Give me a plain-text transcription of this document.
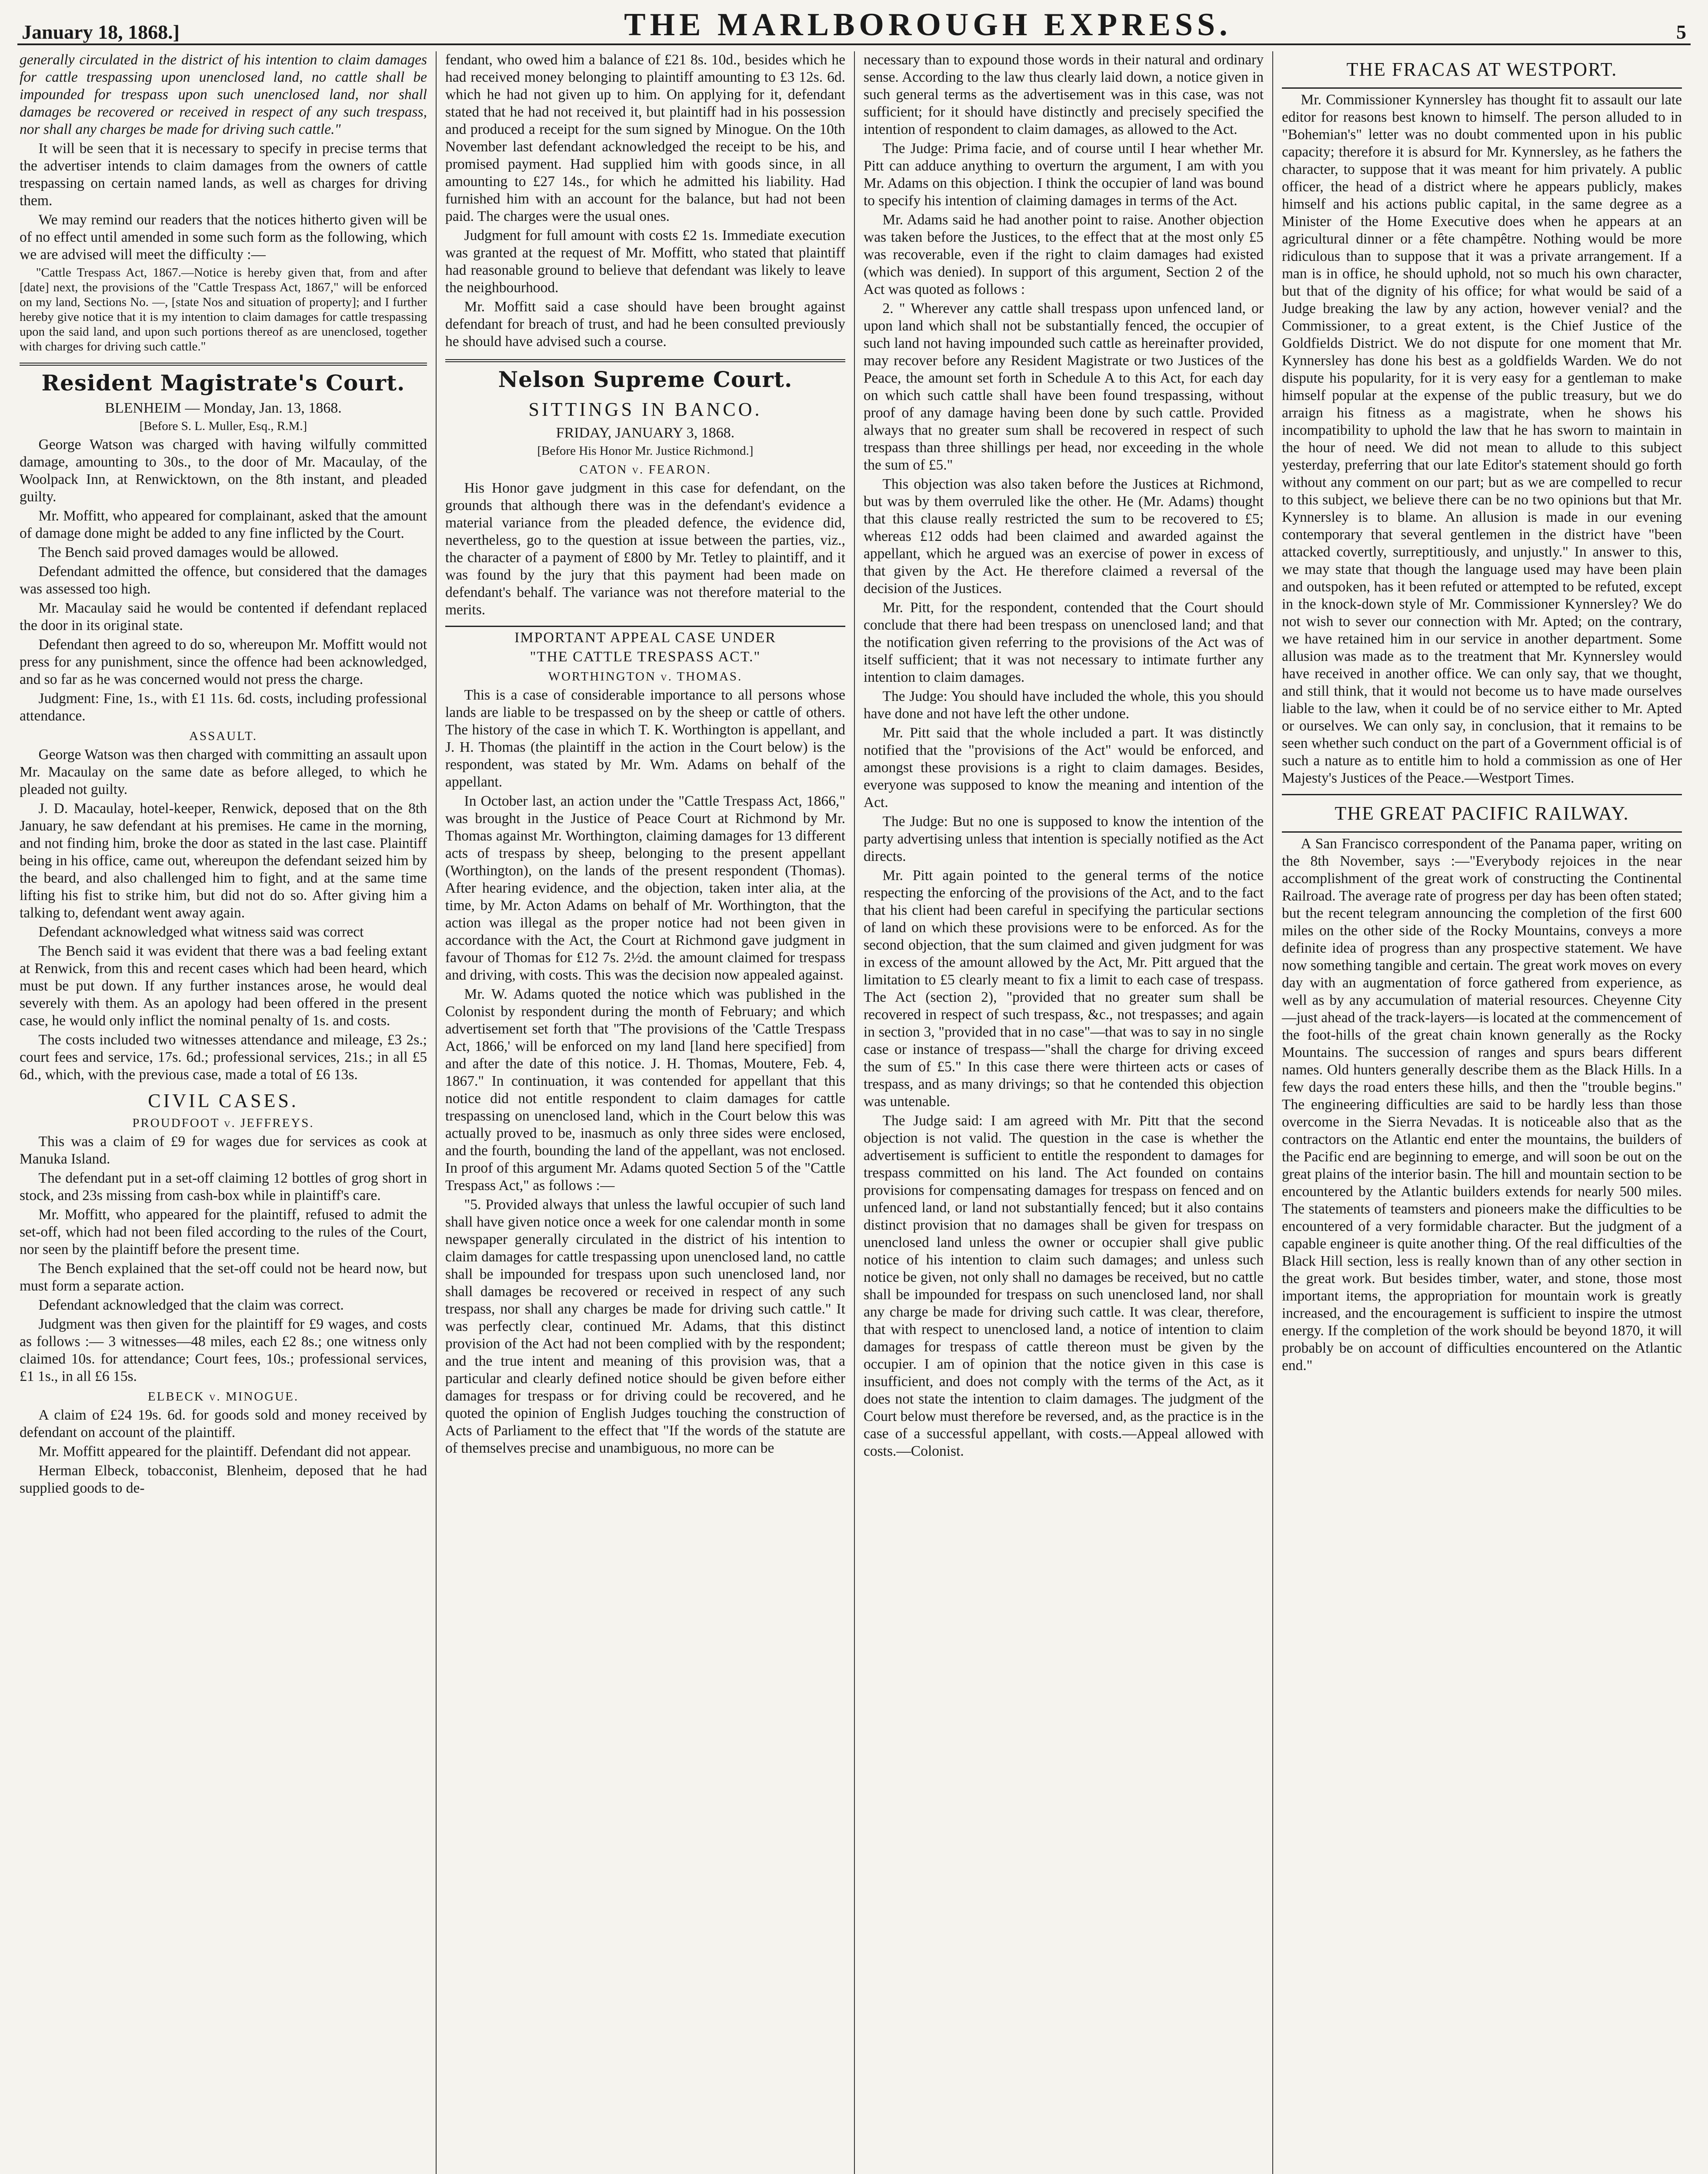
January 18, 1868.]	THE MARLBOROUGH EXPRESS.	5

generally circulated in the district of his intention to claim damages for cattle trespassing upon unenclosed land, no cattle shall be impounded for trespass upon such unenclosed land, nor shall damages be recovered or received in respect of any such trespass, nor shall any charges be made for driving such cattle."

It will be seen that it is necessary to specify in precise terms that the advertiser intends to claim damages from the owners of cattle trespassing on certain named lands, as well as charges for driving them.

We may remind our readers that the notices hitherto given will be of no effect until amended in some such form as the following, which we are advised will meet the difficulty :—

"Cattle Trespass Act, 1867.—Notice is hereby given that, from and after [date] next, the provisions of the "Cattle Trespass Act, 1867," will be enforced on my land, Sections No. —, [state Nos and situation of property]; and I further hereby give notice that it is my intention to claim damages for cattle trespassing upon the said land, and upon such portions thereof as are unenclosed, together with charges for driving such cattle."

Resident Magistrate's Court.
BLENHEIM — Monday, Jan. 13, 1868.
[Before S. L. Muller, Esq., R.M.]

George Watson was charged with having wilfully committed damage, amounting to 30s., to the door of Mr. Macaulay, of the Woolpack Inn, at Renwicktown, on the 8th instant, and pleaded guilty.

Mr. Moffitt, who appeared for complainant, asked that the amount of damage done might be added to any fine inflicted by the Court.

The Bench said proved damages would be allowed.

Defendant admitted the offence, but considered that the damages was assessed too high.

Mr. Macaulay said he would be contented if defendant replaced the door in its original state.

Defendant then agreed to do so, whereupon Mr. Moffitt would not press for any punishment, since the offence had been acknowledged, and so far as he was concerned would not press the charge.

Judgment: Fine, 1s., with £1 11s. 6d. costs, including professional attendance.

ASSAULT.

George Watson was then charged with committing an assault upon Mr. Macaulay on the same date as before alleged, to which he pleaded not guilty.

J. D. Macaulay, hotel-keeper, Renwick, deposed that on the 8th January, he saw defendant at his premises. He came in the morning, and not finding him, broke the door as stated in the last case. Plaintiff being in his office, came out, whereupon the defendant seized him by the beard, and also challenged him to fight, and at the same time lifting his fist to strike him, but did not do so. After giving him a talking to, defendant went away again.

Defendant acknowledged what witness said was correct

The Bench said it was evident that there was a bad feeling extant at Renwick, from this and recent cases which had been heard, which must be put down. If any further instances arose, he would deal severely with them. As an apology had been offered in the present case, he would only inflict the nominal penalty of 1s. and costs.

The costs included two witnesses attendance and mileage, £3 2s.; court fees and service, 17s. 6d.; professional services, 21s.; in all £5 6d., which, with the previous case, made a total of £6 13s.

CIVIL CASES.
PROUDFOOT v. JEFFREYS.

This was a claim of £9 for wages due for services as cook at Manuka Island.

The defendant put in a set-off claiming 12 bottles of grog short in stock, and 23s missing from cash-box while in plaintiff's care.

Mr. Moffitt, who appeared for the plaintiff, refused to admit the set-off, which had not been filed according to the rules of the Court, nor seen by the plaintiff before the present time.

The Bench explained that the set-off could not be heard now, but must form a separate action.

Defendant acknowledged that the claim was correct.

Judgment was then given for the plaintiff for £9 wages, and costs as follows :— 3 witnesses—48 miles, each £2 8s.; one witness only claimed 10s. for attendance; Court fees, 10s.; professional services, £1 1s., in all £6 15s.

ELBECK v. MINOGUE.

A claim of £24 19s. 6d. for goods sold and money received by defendant on account of the plaintiff.

Mr. Moffitt appeared for the plaintiff. Defendant did not appear.

Herman Elbeck, tobacconist, Blenheim, deposed that he had supplied goods to de-

fendant, who owed him a balance of £21 8s. 10d., besides which he had received money belonging to plaintiff amounting to £3 12s. 6d. which he had not given up to him. On applying for it, defendant stated that he had not received it, but plaintiff had in his possession and produced a receipt for the sum signed by Minogue. On the 10th November last defendant acknowledged the receipt to be his, and promised payment. Had supplied him with goods since, in all amounting to £27 14s., for which he admitted his liability. Had furnished him with an account for the balance, but had not been paid. The charges were the usual ones.

Judgment for full amount with costs £2 1s. Immediate execution was granted at the request of Mr. Moffitt, who stated that plaintiff had reasonable ground to believe that defendant was likely to leave the neighbourhood.

Mr. Moffitt said a case should have been brought against defendant for breach of trust, and had he been consulted previously he should have advised such a course.

Nelson Supreme Court.
SITTINGS IN BANCO.
FRIDAY, JANUARY 3, 1868.
[Before His Honor Mr. Justice Richmond.]
CATON v. FEARON.

His Honor gave judgment in this case for defendant, on the grounds that although there was in the defendant's evidence a material variance from the pleaded defence, the evidence did, nevertheless, go to the question at issue between the parties, viz., the character of a payment of £800 by Mr. Tetley to plaintiff, and it was found by the jury that this payment had been made on defendant's behalf. The variance was not therefore material to the merits.

IMPORTANT APPEAL CASE UNDER
"THE CATTLE TRESPASS ACT."
WORTHINGTON v. THOMAS.

This is a case of considerable importance to all persons whose lands are liable to be trespassed on by the sheep or cattle of others. The history of the case in which T. K. Worthington is appellant, and J. H. Thomas (the plaintiff in the action in the Court below) is the respondent, was stated by Mr. Wm. Adams on behalf of the appellant.

In October last, an action under the "Cattle Trespass Act, 1866," was brought in the Justice of Peace Court at Richmond by Mr. Thomas against Mr. Worthington, claiming damages for 13 different acts of trespass by sheep, belonging to the present appellant (Worthington), on the lands of the present respondent (Thomas). After hearing evidence, and the objection, taken inter alia, at the time, by Mr. Acton Adams on behalf of Mr. Worthington, that the action was illegal as the proper notice had not been given in accordance with the Act, the Court at Richmond gave judgment in favour of Thomas for £12 7s. 2½d. the amount claimed for trespass and driving, with costs. This was the decision now appealed against.

Mr. W. Adams quoted the notice which was published in the Colonist by respondent during the month of February; and which advertisement set forth that "The provisions of the 'Cattle Trespass Act, 1866,' will be enforced on my land [land here specified] from and after the date of this notice. J. H. Thomas, Moutere, Feb. 4, 1867." In continuation, it was contended for appellant that this notice did not entitle respondent to claim damages for cattle trespassing on unenclosed land, which in the Court below this was actually proved to be, inasmuch as only three sides were enclosed, and the fourth, bounding the land of the appellant, was not enclosed. In proof of this argument Mr. Adams quoted Section 5 of the "Cattle Trespass Act," as follows :—

"5. Provided always that unless the lawful occupier of such land shall have given notice once a week for one calendar month in some newspaper generally circulated in the district of his intention to claim damages for cattle trespassing upon unenclosed land, no cattle shall be impounded for trespass upon such unenclosed land, nor shall damages be recovered or received in respect of any such trespass, nor shall any charges be made for driving such cattle." It was perfectly clear, continued Mr. Adams, that this distinct provision of the Act had not been complied with by the respondent; and the true intent and meaning of this provision was, that a particular and clearly defined notice should be given before either damages for trespass or for driving could be recovered, and he quoted the opinion of English Judges touching the construction of Acts of Parliament to the effect that "If the words of the statute are of themselves precise and unambiguous, no more can be

necessary than to expound those words in their natural and ordinary sense. According to the law thus clearly laid down, a notice given in such general terms as the advertisement was in this case, was not sufficient; for it should have distinctly and precisely specified the intention of respondent to claim damages, as allowed to the Act.

The Judge: Prima facie, and of course until I hear whether Mr. Pitt can adduce anything to overturn the argument, I am with you Mr. Adams on this objection. I think the occupier of land was bound to specify his intention of claiming damages in terms of the Act.

Mr. Adams said he had another point to raise. Another objection was taken before the Justices, to the effect that at the most only £5 was recoverable, even if the right to claim damages had existed (which was denied). In support of this argument, Section 2 of the Act was quoted as follows :

2. " Wherever any cattle shall trespass upon unfenced land, or upon land which shall not be substantially fenced, the occupier of such land not having impounded such cattle as hereinafter provided, may recover before any Resident Magistrate or two Justices of the Peace, the amount set forth in Schedule A to this Act, for each day on which such cattle shall have been found trespassing, without proof of any damage having been done by such cattle. Provided always that no greater sum shall be recovered in respect of such trespass than three shillings per head, nor exceeding in the whole the sum of £5."

This objection was also taken before the Justices at Richmond, but was by them overruled like the other. He (Mr. Adams) thought that this clause really restricted the sum to be recovered to £5; whereas £12 odds had been claimed and awarded against the appellant, which he argued was an exercise of power in excess of that given by the Act. He therefore claimed a reversal of the decision of the Justices.

Mr. Pitt, for the respondent, contended that the Court should conclude that there had been trespass on unenclosed land; and that the notification given referring to the provisions of the Act was of itself sufficient; that it was not necessary to intimate further any intention to claim damages.

The Judge: You should have included the whole, this you should have done and not have left the other undone.

Mr. Pitt said that the whole included a part. It was distinctly notified that the "provisions of the Act" would be enforced, and amongst these provisions is a right to claim damages. Besides, everyone was supposed to know the meaning and intention of the Act.

The Judge: But no one is supposed to know the intention of the party advertising unless that intention is specially notified as the Act directs.

Mr. Pitt again pointed to the general terms of the notice respecting the enforcing of the provisions of the Act, and to the fact that his client had been careful in specifying the particular sections of land on which these provisions were to be enforced. As for the second objection, that the sum claimed and given judgment for was in excess of the amount allowed by the Act, Mr. Pitt argued that the limitation to £5 clearly meant to fix a limit to each case of trespass. The Act (section 2), "provided that no greater sum shall be recovered in respect of such trespass, &c., not trespasses; and again in section 3, "provided that in no case"—that was to say in no single case or instance of trespass—"shall the charge for driving exceed the sum of £5." In this case there were thirteen acts or cases of trespass, and as many drivings; so that he contended this objection was untenable.

The Judge said: I am agreed with Mr. Pitt that the second objection is not valid. The question in the case is whether the advertisement is sufficient to entitle the respondent to damages for trespass committed on his land. The Act founded on contains provisions for compensating damages for trespass on fenced and on unfenced land, or land not substantially fenced; but it also contains distinct provision that no damages shall be given for trespass on unenclosed land unless the owner or occupier shall give public notice of his intention to claim such damages; and unless such notice be given, not only shall no damages be received, but no cattle shall be impounded for trespass on such unenclosed land, nor shall any charge be made for driving such cattle. It was clear, therefore, that with respect to unenclosed land, a notice of intention to claim damages for trespass of cattle thereon must be given by the occupier. I am of opinion that the notice given in this case is insufficient, and does not comply with the terms of the Act, as it does not state the intention to claim damages. The judgment of the Court below must therefore be reversed, and, as the practice is in the case of a successful appellant, with costs.—Appeal allowed with costs.—Colonist.

THE FRACAS AT WESTPORT.

Mr. Commissioner Kynnersley has thought fit to assault our late editor for reasons best known to himself. The person alluded to in "Bohemian's" letter was no doubt commented upon in his public capacity; therefore it is absurd for Mr. Kynnersley, as he fathers the character, to suppose that it was meant for him privately. A public officer, the head of a district where he appears publicly, makes himself and his actions public capital, in the same degree as a Minister of the Home Executive does when he appears at an agricultural dinner or a fête champêtre. Nothing would be more ridiculous than to suppose that it was a private arrangement. If a man is in office, he should uphold, not so much his own character, but that of the dignity of his office; for what would be said of a Judge breaking the law by any action, however venial? and the Commissioner, to a great extent, is the Chief Justice of the Goldfields District. We do not dispute for one moment that Mr. Kynnersley has done his best as a goldfields Warden. We do not dispute his popularity, for it is very easy for a gentleman to make himself popular at the expense of the public treasury, but we do arraign his fitness as a magistrate, when he shows his incompatibility to uphold the law that he has sworn to maintain in the hour of need. We did not mean to allude to this subject yesterday, preferring that our late Editor's statement should go forth without any comment on our part; but as we are compelled to recur to this subject, we believe there can be no two opinions but that Mr. Kynnersley is to blame. An allusion is made in our evening contemporary that several gentlemen in the district have "been attacked covertly, surreptitiously, and unjustly." In answer to this, we may state that though the language used may have been plain and outspoken, has it been refuted or attempted to be refuted, except in the knock-down style of Mr. Commissioner Kynnersley? We do not wish to sever our connection with Mr. Apted; on the contrary, we have retained him in our service in another department. Some allusion was made as to the treatment that Mr. Kynnersley would have received in another office. We can only say, that we thought, and still think, that it would not become us to have made ourselves liable to the law, when it could be of no service either to Mr. Apted or ourselves. We can only say, in conclusion, that it remains to be seen whether such conduct on the part of a Government official is of such a nature as to entitle him to hold a commission as one of Her Majesty's Justices of the Peace.—Westport Times.

THE GREAT PACIFIC RAILWAY.

A San Francisco correspondent of the Panama paper, writing on the 8th November, says :—"Everybody rejoices in the near accomplishment of the great work of constructing the Continental Railroad. The average rate of progress per day has been often stated; but the recent telegram announcing the completion of the first 600 miles on the other side of the Rocky Mountains, conveys a more definite idea of progress than any prospective statement. We have now something tangible and certain. The great work moves on every day with an augmentation of force gathered from experience, as well as by any accumulation of material resources. Cheyenne City—just ahead of the track-layers—is located at the commencement of the foot-hills of the great chain known generally as the Rocky Mountains. The succession of ranges and spurs bears different names. Old hunters generally describe them as the Black Hills. In a few days the road enters these hills, and then the "trouble begins." The engineering difficulties are said to be hardly less than those overcome in the Sierra Nevadas. It is noticeable also that as the contractors on the Atlantic end enter the mountains, the builders of the Pacific end are beginning to emerge, and will soon be out on the great plains of the interior basin. The hill and mountain section to be encountered by the Atlantic builders extends for nearly 500 miles. The statements of teamsters and pioneers make the difficulties to be encountered of a very formidable character. But the judgment of a capable engineer is quite another thing. Of the real difficulties of the Black Hill section, less is really known than of any other section in the great work. But besides timber, water, and stone, those most important items, the appropriation for mountain work is greatly increased, and the encouragement is sufficient to inspire the utmost energy. If the completion of the work should be beyond 1870, it will probably be on account of difficulties encountered on the Atlantic end."
